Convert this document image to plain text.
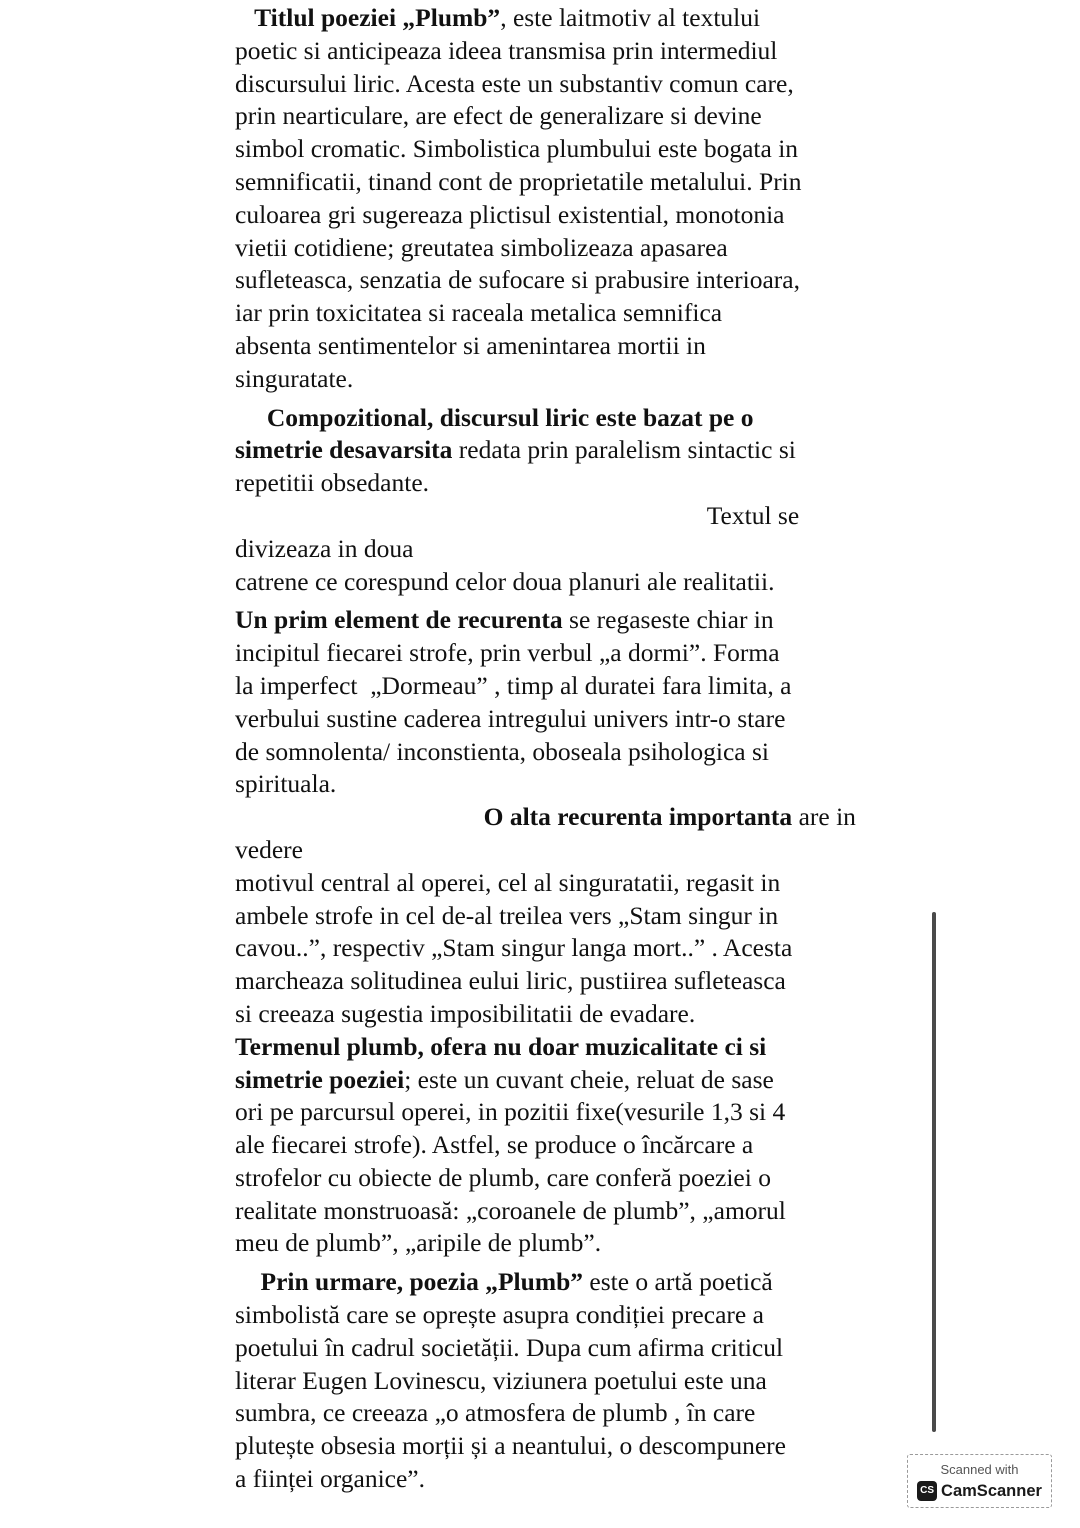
Titlul poeziei „Plumb”, este laitmotiv al textului
poetic si anticipeaza ideea transmisa prin intermediul
discursului liric. Acesta este un substantiv comun care,
prin nearticulare, are efect de generalizare si devine
simbol cromatic. Simbolistica plumbului este bogata in
semnificatii, tinand cont de proprietatile metalului. Prin
culoarea gri sugereaza plictisul existential, monotonia
vietii cotidiene; greutatea simbolizeaza apasarea
sufleteasca, senzatia de sufocare si prabusire interioara,
iar prin toxicitatea si raceala metalica semnifica
absenta sentimentelor si amenintarea mortii in
singuratate.
Compozitional, discursul liric este bazat pe o
simetrie desavarsita redata prin paralelism sintactic si
repetitii obsedante.
Textul se divizeaza in doua
catrene ce corespund celor doua planuri ale realitatii.
Un prim element de recurenta se regaseste chiar in
incipitul fiecarei strofe, prin verbul „a dormi”. Forma
la imperfect  „Dormeau” , timp al duratei fara limita, a
verbului sustine caderea intregului univers intr-o stare
de somnolenta/ inconstienta, oboseala psihologica si
spirituala.
O alta recurenta importanta are in vedere
motivul central al operei, cel al singuratatii, regasit in
ambele strofe in cel de-al treilea vers „Stam singur in
cavou..”, respectiv „Stam singur langa mort..” . Acesta
marcheaza solitudinea eului liric, pustiirea sufleteasca
si creeaza sugestia imposibilitatii de evadare.
Termenul plumb, ofera nu doar muzicalitate ci si
simetrie poeziei; este un cuvant cheie, reluat de sase
ori pe parcursul operei, in pozitii fixe(vesurile 1,3 si 4
ale fiecarei strofe). Astfel, se produce o încărcare a
strofelor cu obiecte de plumb, care conferă poeziei o
realitate monstruoasă: „coroanele de plumb”, „amorul
meu de plumb”, „aripile de plumb”.
Prin urmare, poezia „Plumb” este o artă poetică
simbolistă care se oprește asupra condiției precare a
poetului în cadrul societății. Dupa cum afirma criticul
literar Eugen Lovinescu, viziunera poetului este una
sumbra, ce creeaza „o atmosfera de plumb , în care
plutește obsesia morții și a neantului, o descompunere
a ființei organice”.	Scanned with
CS CamScanner
